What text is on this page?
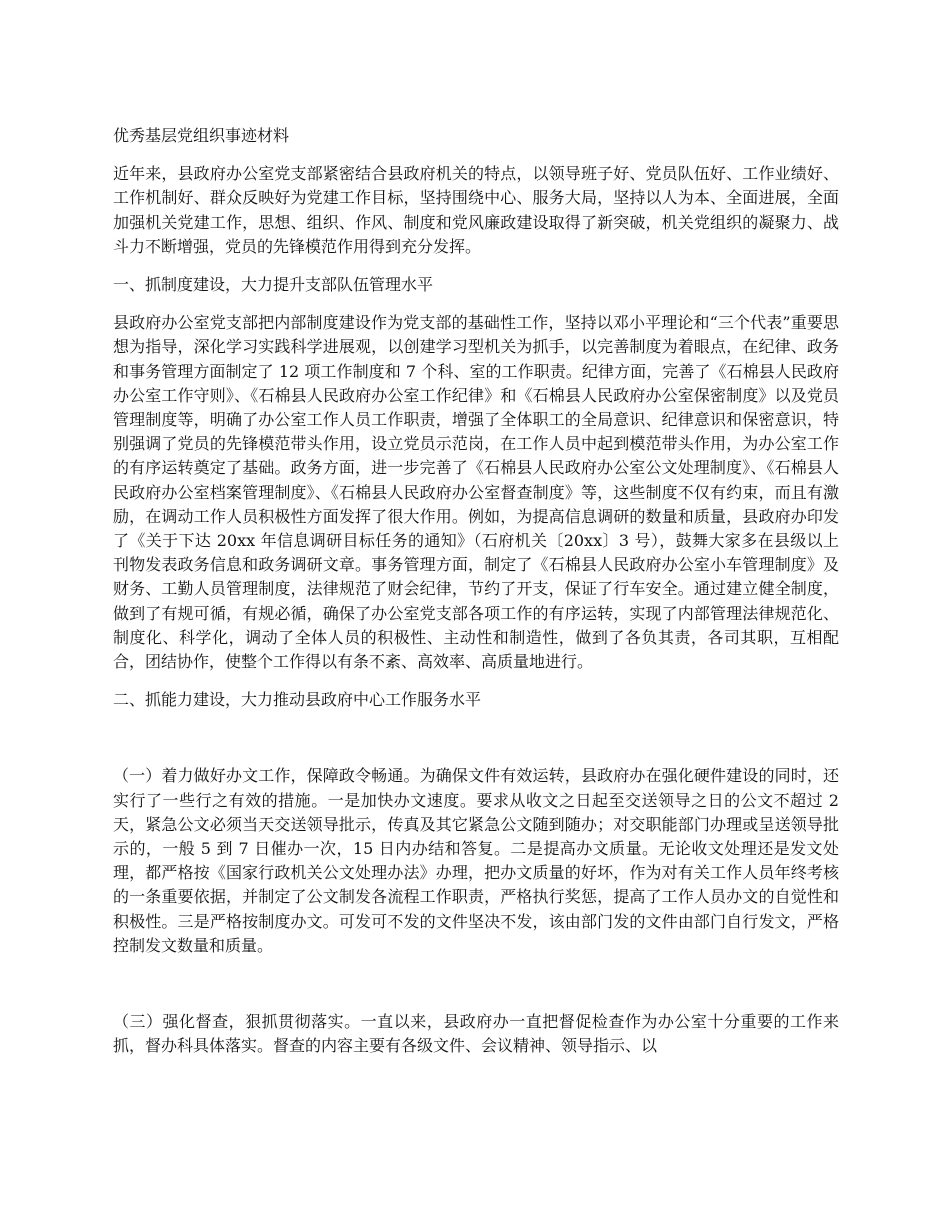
优秀基层党组织事迹材料

近年来，县政府办公室党支部紧密结合县政府机关的特点，以领导班子好、党员队伍好、工作业绩好、工作机制好、群众反映好为党建工作目标，坚持围绕中心、服务大局，坚持以人为本、全面进展，全面加强机关党建工作，思想、组织、作风、制度和党风廉政建设取得了新突破，机关党组织的凝聚力、战斗力不断增强，党员的先锋模范作用得到充分发挥。

一、抓制度建设，大力提升支部队伍管理水平

县政府办公室党支部把内部制度建设作为党支部的基础性工作，坚持以邓小平理论和“三个代表”重要思想为指导，深化学习实践科学进展观，以创建学习型机关为抓手，以完善制度为着眼点，在纪律、政务和事务管理方面制定了 12 项工作制度和 7 个科、室的工作职责。纪律方面，完善了《石棉县人民政府办公室工作守则》、《石棉县人民政府办公室工作纪律》和《石棉县人民政府办公室保密制度》以及党员管理制度等，明确了办公室工作人员工作职责，增强了全体职工的全局意识、纪律意识和保密意识，特别强调了党员的先锋模范带头作用，设立党员示范岗，在工作人员中起到模范带头作用，为办公室工作的有序运转奠定了基础。政务方面，进一步完善了《石棉县人民政府办公室公文处理制度》、《石棉县人民政府办公室档案管理制度》、《石棉县人民政府办公室督查制度》等，这些制度不仅有约束，而且有激励，在调动工作人员积极性方面发挥了很大作用。例如，为提高信息调研的数量和质量，县政府办印发了《关于下达 20xx 年信息调研目标任务的通知》（石府机关〔20xx〕3 号），鼓舞大家多在县级以上刊物发表政务信息和政务调研文章。事务管理方面，制定了《石棉县人民政府办公室小车管理制度》及财务、工勤人员管理制度，法律规范了财会纪律，节约了开支，保证了行车安全。通过建立健全制度，做到了有规可循，有规必循，确保了办公室党支部各项工作的有序运转，实现了内部管理法律规范化、制度化、科学化，调动了全体人员的积极性、主动性和制造性，做到了各负其责，各司其职，互相配合，团结协作，使整个工作得以有条不紊、高效率、高质量地进行。

二、抓能力建设，大力推动县政府中心工作服务水平

（一）着力做好办文工作，保障政令畅通。为确保文件有效运转，县政府办在强化硬件建设的同时，还实行了一些行之有效的措施。一是加快办文速度。要求从收文之日起至交送领导之日的公文不超过 2 天，紧急公文必须当天交送领导批示，传真及其它紧急公文随到随办；对交职能部门办理或呈送领导批示的，一般 5 到 7 日催办一次，15 日内办结和答复。二是提高办文质量。无论收文处理还是发文处理，都严格按《国家行政机关公文处理办法》办理，把办文质量的好坏，作为对有关工作人员年终考核的一条重要依据，并制定了公文制发各流程工作职责，严格执行奖惩，提高了工作人员办文的自觉性和积极性。三是严格按制度办文。可发可不发的文件坚决不发，该由部门发的文件由部门自行发文，严格控制发文数量和质量。

（三）强化督查，狠抓贯彻落实。一直以来，县政府办一直把督促检查作为办公室十分重要的工作来抓，督办科具体落实。督查的内容主要有各级文件、会议精神、领导指示、以
